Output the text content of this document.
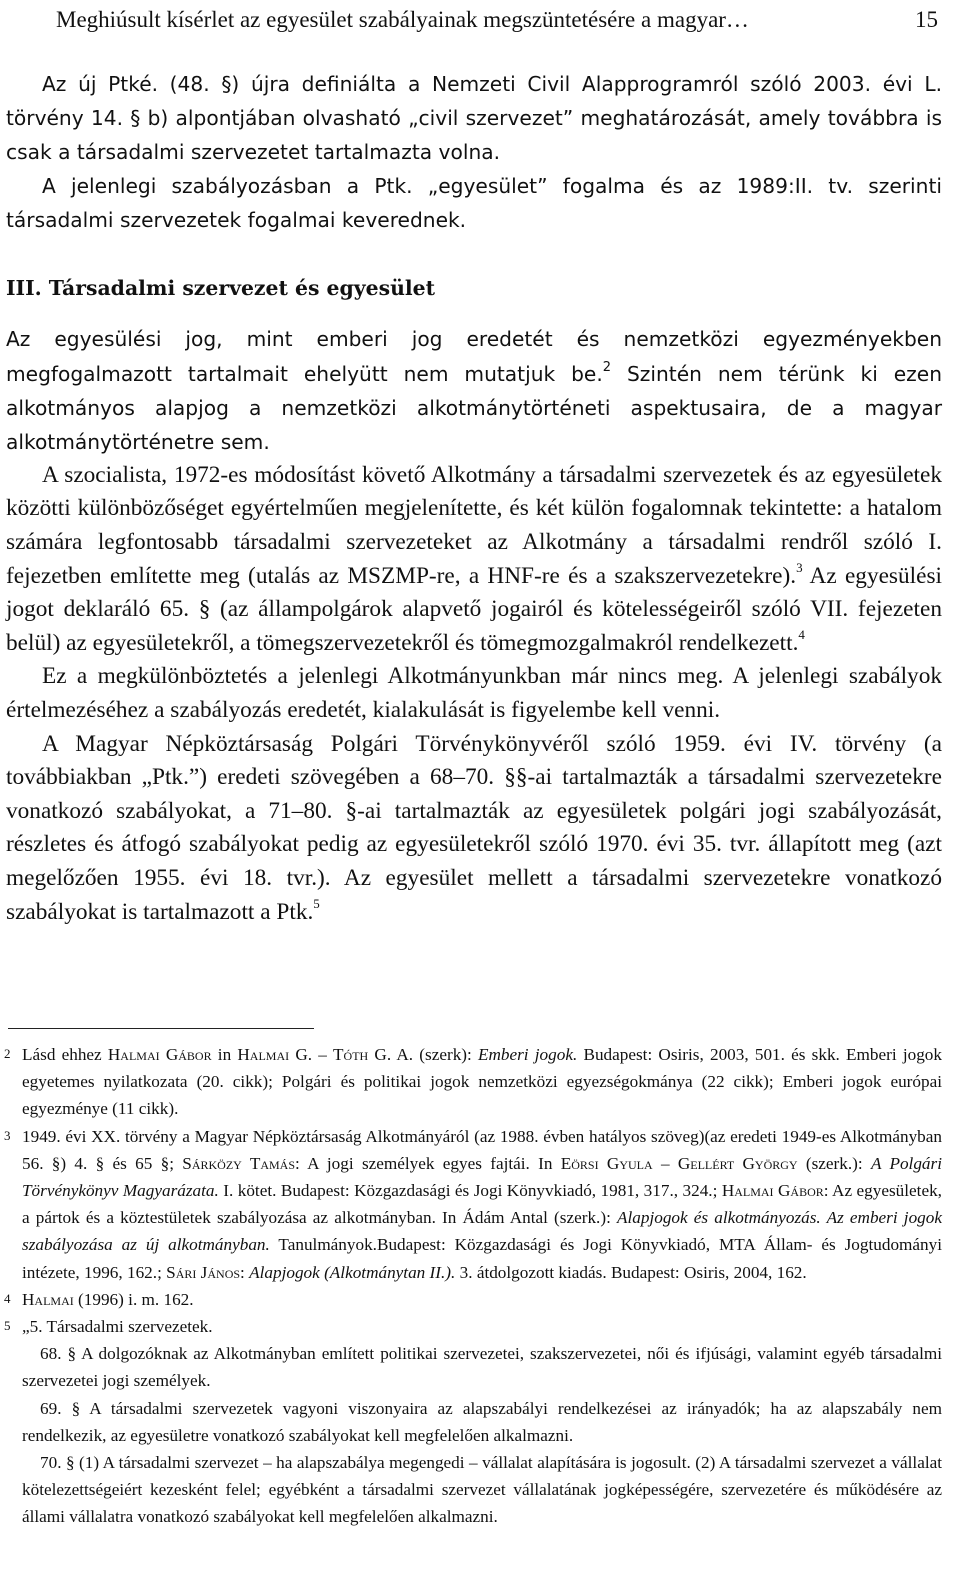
Meghiúsult kísérlet az egyesület szabályainak megszüntetésére a magyar…	15

Az új Ptké. (48. §) újra definiálta a Nemzeti Civil Alapprogramról szóló 2003. évi L. törvény 14. § b) alpontjában olvasható „civil szervezet” meghatározását, amely továbbra is csak a társadalmi szervezetet tartalmazta volna.

A jelenlegi szabályozásban a Ptk. „egyesület” fogalma és az 1989:II. tv. szerinti társadalmi szervezetek fogalmai keverednek.

III. Társadalmi szervezet és egyesület

Az egyesülési jog, mint emberi jog eredetét és nemzetközi egyezményekben megfogalmazott tartalmait ehelyütt nem mutatjuk be.$^2$ Szintén nem térünk ki ezen alkotmányos alapjog a nemzetközi alkotmánytörténeti aspektusaira, de a magyar alkotmánytörténetre sem.

A szocialista, 1972-es módosítást követő Alkotmány a társadalmi szervezetek és az egyesületek közötti különbözőséget egyértelműen megjelenítette, és két külön fogalomnak tekintette: a hatalom számára legfontosabb társadalmi szervezeteket az Alkotmány a társadalmi rendről szóló I. fejezetben említette meg (utalás az MSZMP-re, a HNF-re és a szakszervezetekre).$^3$ Az egyesülési jogot deklaráló 65. § (az állampolgárok alapvető jogairól és kötelességeiről szóló VII. fejezeten belül) az egyesületekről, a tömegszervezetekről és tömegmozgalmakról rendelkezett.$^4$

Ez a megkülönböztetés a jelenlegi Alkotmányunkban már nincs meg. A jelenlegi szabályok értelmezéséhez a szabályozás eredetét, kialakulását is figyelembe kell venni.

A Magyar Népköztársaság Polgári Törvénykönyvéről szóló 1959. évi IV. törvény (a továbbiakban „Ptk.”) eredeti szövegében a 68–70. §§-ai tartalmazták a társadalmi szervezetekre vonatkozó szabályokat, a 71–80. §-ai tartalmazták az egyesületek polgári jogi szabályozását, részletes és átfogó szabályokat pedig az egyesületekről szóló 1970. évi 35. tvr. állapított meg (azt megelőzően 1955. évi 18. tvr.). Az egyesület mellett a társadalmi szervezetekre vonatkozó szabályokat is tartalmazott a Ptk.$^5$

2 Lásd ehhez Halmai Gábor in Halmai G. – Tóth G. A. (szerk): Emberi jogok. Budapest: Osiris, 2003, 501. és skk. Emberi jogok egyetemes nyilatkozata (20. cikk); Polgári és politikai jogok nemzetközi egyezségokmánya (22 cikk); Emberi jogok európai egyezménye (11 cikk).
3 1949. évi XX. törvény a Magyar Népköztársaság Alkotmányáról (az 1988. évben hatályos szöveg)(az eredeti 1949-es Alkotmányban 56. §) 4. § és 65 §; Sárközy Tamás: A jogi személyek egyes fajtái. In Eörsi Gyula – Gellért György (szerk.): A Polgári Törvénykönyv Magyarázata. I. kötet. Budapest: Közgazdasági és Jogi Könyvkiadó, 1981, 317., 324.; Halmai Gábor: Az egyesületek, a pártok és a köztestületek szabályozása az alkotmányban. In Ádám Antal (szerk.): Alapjogok és alkotmányozás. Az emberi jogok szabályozása az új alkotmányban. Tanulmányok.Budapest: Közgazdasági és Jogi Könyvkiadó, MTA Állam- és Jogtudományi intézete, 1996, 162.; Sári János: Alapjogok (Alkotmánytan II.). 3. átdolgozott kiadás. Budapest: Osiris, 2004, 162.
4 Halmai (1996) i. m. 162.
5 „5. Társadalmi szervezetek.
68. § A dolgozóknak az Alkotmányban említett politikai szervezetei, szakszervezetei, női és ifjúsági, valamint egyéb társadalmi szervezetei jogi személyek.
69. § A társadalmi szervezetek vagyoni viszonyaira az alapszabályi rendelkezései az irányadók; ha az alapszabály nem rendelkezik, az egyesületre vonatkozó szabályokat kell megfelelően alkalmazni.
70. § (1) A társadalmi szervezet – ha alapszabálya megengedi – vállalat alapítására is jogosult. (2) A társadalmi szervezet a vállalat kötelezettségeiért kezesként felel; egyébként a társadalmi szervezet vállalatának jogképességére, szervezetére és működésére az állami vállalatra vonatkozó szabályokat kell megfelelően alkalmazni.
